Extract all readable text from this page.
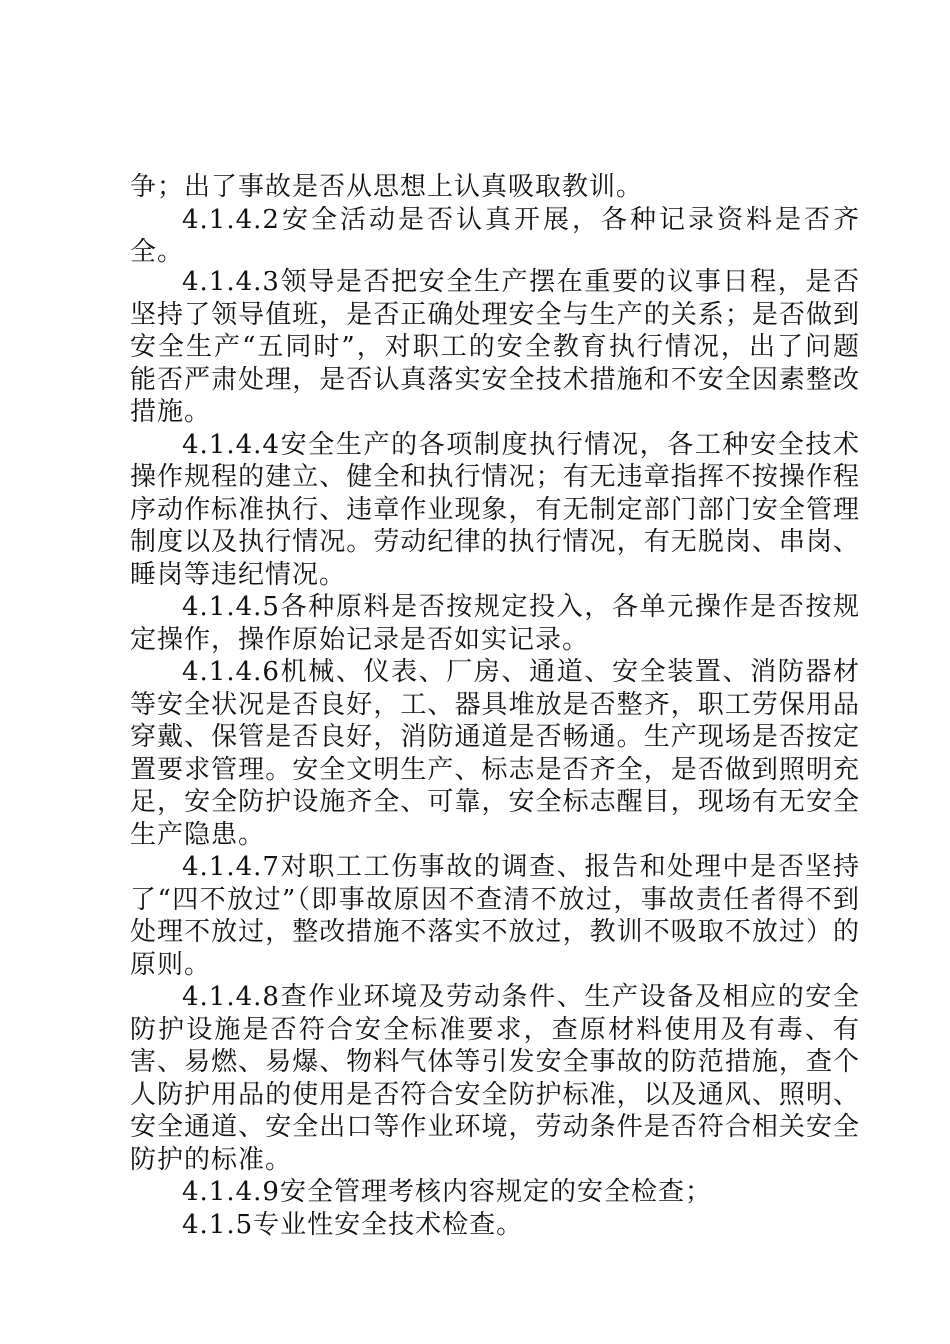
争；出了事故是否从思想上认真吸取教训。

4.1.4.2安全活动是否认真开展，各种记录资料是否齐全。

4.1.4.3领导是否把安全生产摆在重要的议事日程，是否坚持了领导值班，是否正确处理安全与生产的关系；是否做到安全生产“五同时”，对职工的安全教育执行情况，出了问题能否严肃处理，是否认真落实安全技术措施和不安全因素整改措施。

4.1.4.4安全生产的各项制度执行情况，各工种安全技术操作规程的建立、健全和执行情况；有无违章指挥不按操作程序动作标准执行、违章作业现象，有无制定部门部门安全管理制度以及执行情况。劳动纪律的执行情况，有无脱岗、串岗、睡岗等违纪情况。

4.1.4.5各种原料是否按规定投入，各单元操作是否按规定操作，操作原始记录是否如实记录。

4.1.4.6机械、仪表、厂房、通道、安全装置、消防器材等安全状况是否良好，工、器具堆放是否整齐，职工劳保用品穿戴、保管是否良好，消防通道是否畅通。生产现场是否按定置要求管理。安全文明生产、标志是否齐全，是否做到照明充足，安全防护设施齐全、可靠，安全标志醒目，现场有无安全生产隐患。

4.1.4.7对职工工伤事故的调查、报告和处理中是否坚持了“四不放过”（即事故原因不查清不放过，事故责任者得不到处理不放过，整改措施不落实不放过，教训不吸取不放过）的原则。

4.1.4.8查作业环境及劳动条件、生产设备及相应的安全防护设施是否符合安全标准要求，查原材料使用及有毒、有害、易燃、易爆、物料气体等引发安全事故的防范措施，查个人防护用品的使用是否符合安全防护标准，以及通风、照明、安全通道、安全出口等作业环境，劳动条件是否符合相关安全防护的标准。

4.1.4.9安全管理考核内容规定的安全检查；

4.1.5专业性安全技术检查。
